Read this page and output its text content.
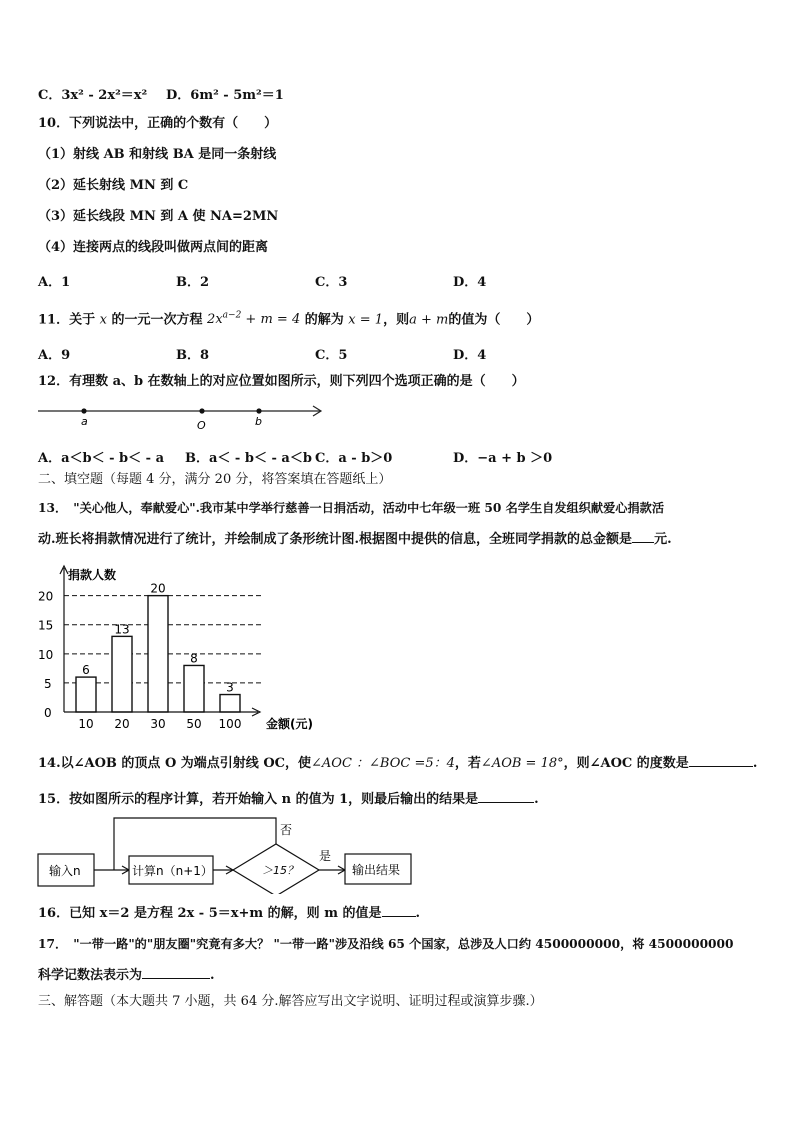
C．3x² - 2x²＝x² D．6m² - 5m²＝1
10．下列说法中，正确的个数有（　　）
（1）射线 AB 和射线 BA 是同一条射线
（2）延长射线 MN 到 C
（3）延长线段 MN 到 A 使 NA=2MN
（4）连接两点的线段叫做两点间的距离
A．1	B．2	C．3	D．4
11．关于 x 的一元一次方程 $2x^{a-2} + m = 4$ 的解为 x = 1，则a + m的值为（　　）
A．9	B．8	C．5	D．4
12．有理数 a、b 在数轴上的对应位置如图所示，则下列四个选项正确的是（　　）
a	O	b
A．a＜b＜ - b＜ - a B．a＜ - b＜ - a＜b C．a - b＞0	D．−a + b ＞0
二、填空题（每题 4 分，满分 20 分，将答案填在答题纸上）
13．　"关心他人，奉献爱心".我市某中学举行慈善一日捐活动，活动中七年级一班 50 名学生自发组织献爱心捐款活
动.班长将捐款情况进行了统计，并绘制成了条形统计图.根据图中提供的信息，全班同学捐款的总金额是 元.
0
5
10
15
20
6
10
13
20
20
30
8
50
3
100
捐款人数
金额(元)
14.以∠AOB 的顶点 O 为端点引射线 OC，使∠AOC ：∠BOC =5：4，若∠AOB = 18°，则∠AOC 的度数是	.
15．按如图所示的程序计算，若开始输入 n 的值为 1，则最后输出的结果是	.
输入n	计算n（n+1）	＞15？
是
输出结果
否
16．已知 x＝2 是方程 2x - 5＝x+m 的解，则 m 的值是	.
17．　"一带一路"的"朋友圈"究竟有多大？ "一带一路"涉及沿线 65 个国家，总涉及人口约 4500000000，将 4500000000
科学记数法表示为	.
三、解答题（本大题共 7 小题，共 64 分.解答应写出文字说明、证明过程或演算步骤.）
